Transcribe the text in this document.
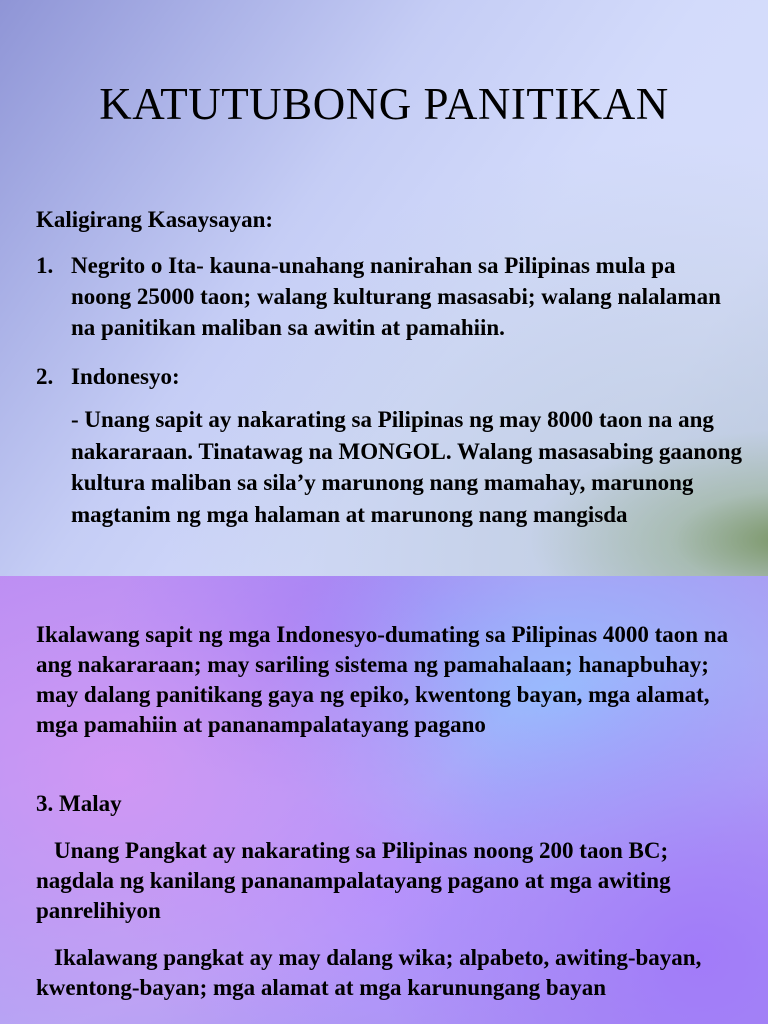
KATUTUBONG PANITIKAN

Kaligirang Kasaysayan:

1. Negrito o Ita- kauna-unahang nanirahan sa Pilipinas mula pa noong 25000 taon; walang kulturang masasabi; walang nalalaman na panitikan maliban sa awitin at pamahiin.
2. Indonesyo:

- Unang sapit ay nakarating sa Pilipinas ng may 8000 taon na ang nakararaan. Tinatawag na MONGOL. Walang masasabing gaanong kultura maliban sa sila’y marunong nang mamahay, marunong magtanim ng mga halaman at marunong nang mangisda

Ikalawang sapit ng mga Indonesyo-dumating sa Pilipinas 4000 taon na ang nakararaan; may sariling sistema ng pamahalaan; hanapbuhay; may dalang panitikang gaya ng epiko, kwentong bayan, mga alamat, mga pamahiin at pananampalatayang pagano

3. Malay

Unang Pangkat ay nakarating sa Pilipinas noong 200 taon BC; nagdala ng kanilang pananampalatayang pagano at mga awiting panrelihiyon

Ikalawang pangkat ay may dalang wika; alpabeto, awiting-bayan, kwentong-bayan; mga alamat at mga karunungang bayan
